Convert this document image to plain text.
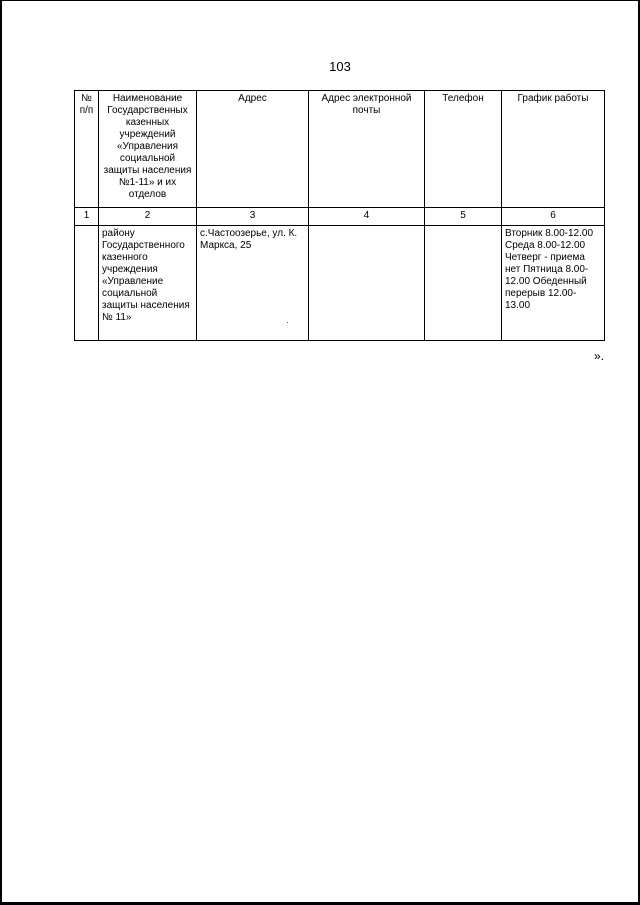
103
№ п/п	Наименование Государственных казенных учреждений «Управления социальной защиты населения №1-11» и их отделов	Адрес	Адрес электронной почты	Телефон	График работы
1	2	3	4	5	6
	району Государственного казенного учреждения «Управление социальной защиты населения № 11»	с.Частоозерье, ул. К. Маркса, 25			Вторник 8.00-12.00 Среда 8.00-12.00 Четверг - приема нет Пятница 8.00-12.00 Обеденный перерыв 12.00-13.00
·
».
